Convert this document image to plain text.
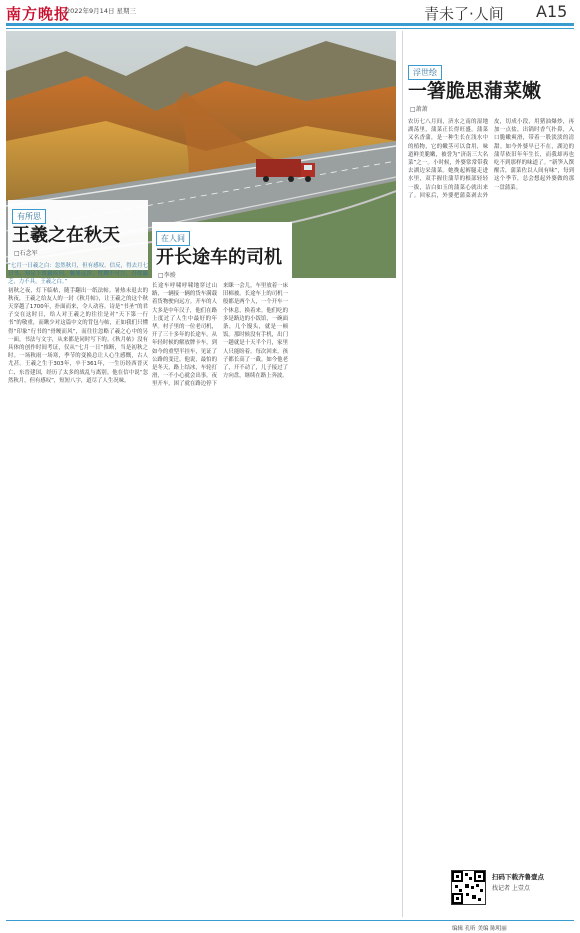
南方晚报
2022年9月14日 星期三	青未了·人间 A15
有所思
王羲之在秋天
□石念军

“七月一日羲之白：忽然秋月，但有感叹。信反，得去月七日书，知足下故羸疾问，触暑远涉，忧卿不可言，吾故羸乏，力不具。王羲之白。”

初秋之夜，灯下临帖，随手翻出一纸法帖。暑热未退去的秋夜，王羲之给友人的一封《秋月帖》，让王羲之的这个秋天穿越了1700年，扑面而来，令人动容。诗是“书圣”的君子交在这时日，给人对王羲之的往往是对“天下第一行书”的敬重，而瞅少对这篇中文的背包与帖，正如我们只懂得“印象”行书的“骨鲠而风”，而往往忽略了羲之心中的另一面。书法与文字，从来都是同时写下的。《秋月帖》没有具体的创作时间考证，仅从“七月一日”推断，当是初秋之时。一场秋雨一场寒，季节的变换总让人心生感慨，古人尤甚。王羲之生于303年，卒于361年，一生历经西晋灭亡、东晋建国，经历了太多的战乱与离别。他在信中说“忽然秋月，但有感叹”，短短八字，道尽了人生况味。

在人间
开长途车的司机
□李竣
长途车呼啸呼啸地穿过山路，一辆接一辆的货车满载着货物驶向远方。开车的人大多是中年汉子，他们在路上度过了人生中最好的年华。村子里的一位老司机，开了三十多年的长途车，从年轻时候的解放牌卡车，到如今的重型半挂车，见证了公路的变迁。他说，最怕的是冬天，路上结冰，车轮打滑，一不小心就会出事。夜里开车，困了就在路边停下来眯一会儿，车里放着一床旧棉被。长途车上的司机一般都是两个人，一个开车一个休息，换着来。他们吃的多是路边的小饭馆，一碗面条，几个馒头，就是一顿饭。那时候没有手机，出门一趟就是十天半个月，家里人只能盼着。每次回来，孩子都长高了一截。如今他老了，开不动了，儿子接过了方向盘，继续在路上奔波。
浮世绘
一箸脆思蒲菜嫩
□萧萧
农历七八月间，济水之南的湿地湖荡里，蒲菜正长得旺盛。蒲菜又名香蒲，是一种生长在浅水中的植物，它的嫩茎可以食用，味道鲜美脆嫩，被誉为“济南三大名菜”之一。小时候，外婆常常带我去湖边采蒲菜。她挽起裤腿走进水里，双手握住蒲草的根部轻轻一拔，洁白如玉的蒲菜心就出来了。回家后，外婆把蒲菜剥去外皮，切成小段，用猪油爆炒，再加一点盐，出锅时香气扑鼻，入口脆嫩爽滑，带着一股淡淡的清甜。如今外婆早已不在，湖边的蒲草依旧年年生长，而我却再也吃不到那样的味道了。“新笋入馔醒舌，蒲菜佐以人间有味”，每到这个季节，总会想起外婆做的那一盘蒲菜。
扫码下载齐鲁壹点
找记者 上壹点
编辑 孔昕 美编 陈明丽
